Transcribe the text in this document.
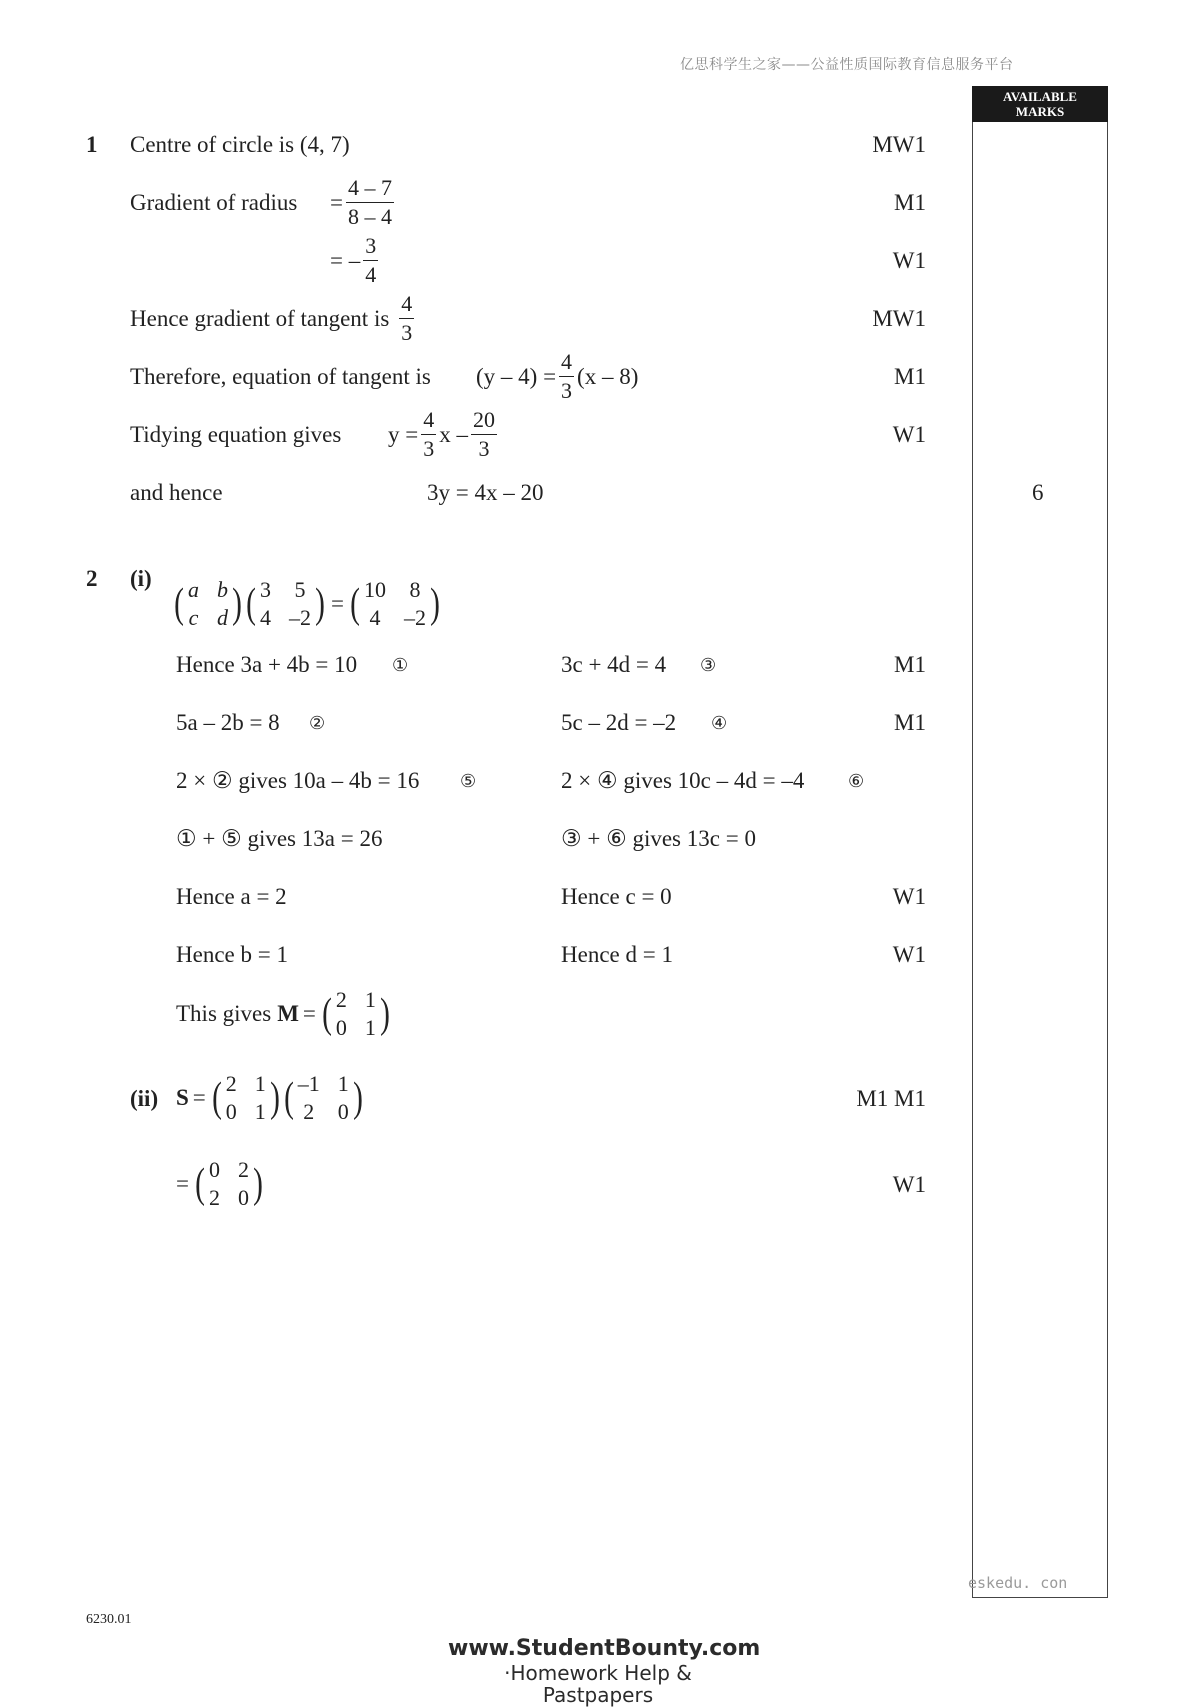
亿思科学生之家——公益性质国际教育信息服务平台
AVAILABLE
MARKS
1 Centre of circle is (4, 7)	MW1
Gradient of radius = $\frac{4 - 7}{8 - 4}$	M1
= – $\frac{3}{4}$	W1
Hence gradient of tangent is $\frac{4}{3}$	MW1
Therefore, equation of tangent is $(y - 4) = \frac{4}{3} (x - 8)$	M1
Tidying equation gives $y = \frac{4}{3}$ x – $\frac{20}{3}$	W1
and hence	3y = 4x – 20	6
2 (i)
( a b
c d ) ( 3 5
4 –2 ) = ( 10 8
4 –2 )
Hence 3a + 4b = 10 ①	3c + 4d = 4 ③	M1
5a – 2b = 8 ②	5c – 2d = –2 ④	M1
2 × ② gives 10a – 4b = 16 ⑤	2 × ④ gives 10c – 4d = –4 ⑥
① + ⑤ gives 13a = 26	③ + ⑥ gives 13c = 0
Hence a = 2	Hence c = 0	W1
Hence b = 1	Hence d = 1	W1
This gives M = ( 2 1
0 1 )
(ii) S = ( 2 1
0 1 ) ( –1 1
2 0 )	M1 M1
= ( 0 2
2 0 )	W1
eskedu. con
6230.01
www.StudentBounty.com
·Homework Help & Pastpapers
